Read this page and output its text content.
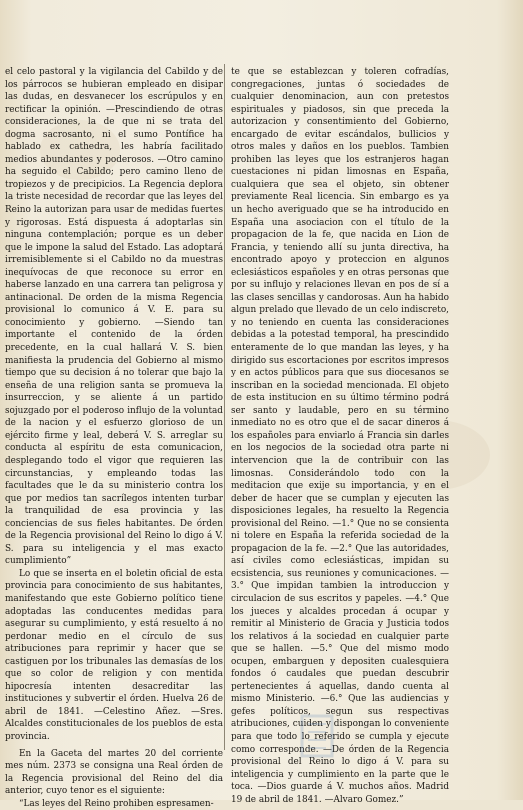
el celo pastoral y la vigilancia del Cabildo y de los párrocos se hubieran empleado en disipar las dudas, en desvanecer los escrúpulos y en rectificar la opinión. —Prescindiendo de otras consideraciones, la de que ni se trata del dogma sacrosanto, ni el sumo Pontífice ha hablado ex cathedra, les habría facilitado medios abundantes y poderosos. —Otro camino ha seguido el Cabildo; pero camino lleno de tropiezos y de precipicios. La Regencia deplora la triste necesidad de recordar que las leyes del Reino la autorizan para usar de medidas fuertes y rigorosas. Está dispuesta á adoptarlas sin ninguna contemplación; porque es un deber que le impone la salud del Estado. Las adoptará irremisiblemente si el Cabildo no da muestras inequívocas de que reconoce su error en haberse lanzado en una carrera tan peligrosa y antinacional. De orden de la misma Regencia provisional lo comunico á V. E. para su conocimiento y gobierno. —Siendo tan importante el contenido de la órden precedente, en la cual hallará V. S. bien manifiesta la prudencia del Gobierno al mismo tiempo que su decision á no tolerar que bajo la enseña de una religion santa se promueva la insurreccion, y se aliente á un partido sojuzgado por el poderoso influjo de la voluntad de la nacion y el esfuerzo glorioso de un ejército firme y leal, deberá V. S. arreglar su conducta al espíritu de esta comunicacion, desplegando todo el vigor que requieren las circunstancias, y empleando todas las facultades que le da su ministerio contra los que por medios tan sacrílegos intenten turbar la tranquilidad de esa provincia y las conciencias de sus fieles habitantes. De órden de la Regencia provisional del Reino lo digo á V. S. para su inteligencia y el mas exacto cumplimiento”

Lo que se inserta en el boletin oficial de esta provincia para conocimiento de sus habitantes, manifestando que este Gobierno político tiene adoptadas las conducentes medidas para asegurar su cumplimiento, y está resuelto á no perdonar medio en el círculo de sus atribuciones para reprimir y hacer que se castiguen por los tribunales las demasías de los que so color de religion y con mentida hipocresía intenten desacreditar las instituciones y subvertir el órden. Huelva 26 de abril de 1841. —Celestino Añez. —Sres. Alcaldes constitucionales de los pueblos de esta provincia.

En la Gaceta del martes 20 del corriente mes núm. 2373 se consigna una Real órden de la Regencia provisional del Reino del dia anterior, cuyo tenor es el siguiente:

“Las leyes del Reino prohiben espresamen-

te que se establezcan y toleren cofradías, congregaciones, juntas ó sociedades de cualquier denominacion, aun con pretestos espirituales y piadosos, sin que preceda la autorizacion y consentimiento del Gobierno, encargado de evitar escándalos, bullicios y otros males y daños en los pueblos. Tambien prohiben las leyes que los estranjeros hagan cuestaciones ni pidan limosnas en España, cualquiera que sea el objeto, sin obtener previamente Real licencia. Sin embargo es ya un hecho averiguado que se ha introducido en España una asociacion con el título de la propagacion de la fe, que nacida en Lion de Francia, y teniendo allí su junta directiva, ha encontrado apoyo y proteccion en algunos eclesiásticos españoles y en otras personas que por su influjo y relaciones llevan en pos de sí a las clases sencillas y candorosas. Aun ha habido algun prelado que llevado de un celo indiscreto, y no teniendo en cuenta las consideraciones debidas a la potestad temporal, ha prescindido enteramente de lo que mandan las leyes, y ha dirigido sus escortaciones por escritos impresos y en actos públicos para que sus diocesanos se inscriban en la sociedad mencionada. El objeto de esta institucion en su último término podrá ser santo y laudable, pero en su término inmediato no es otro que el de sacar dineros á los españoles para enviarlo á Francia sin darles en los negocios de la sociedad otra parte ni intervencion que la de contribuir con las limosnas. Considerándolo todo con la meditacion que exije su importancia, y en el deber de hacer que se cumplan y ejecuten las disposiciones legales, ha resuelto la Regencia provisional del Reino. —1.° Que no se consienta ni tolere en España la referida sociedad de la propagacion de la fe. —2.° Que las autoridades, así civiles como eclesiásticas, impidan su ecsistencia, sus reuniones y comunicaciones. —3.° Que impidan tambien la introduccion y circulacion de sus escritos y papeles. —4.° Que los jueces y alcaldes procedan á ocupar y remitir al Ministerio de Gracia y Justicia todos los relativos á la sociedad en cualquier parte que se hallen. —5.° Que del mismo modo ocupen, embarguen y depositen cualesquiera fondos ó caudales que puedan descubrir pertenecientes á aquellas, dando cuenta al mismo Ministerio. —6.° Que las audiencias y gefes políticos, segun sus respectivas atribuciones, cuiden y dispongan lo conveniente para que todo lo referido se cumpla y ejecute como corresponde. —De órden de la Regencia provisional del Reino lo digo á V. para su inteligencia y cumplimiento en la parte que le toca. —Dios guarde á V. muchos años. Madrid 19 de abril de 1841. —Alvaro Gomez.”
